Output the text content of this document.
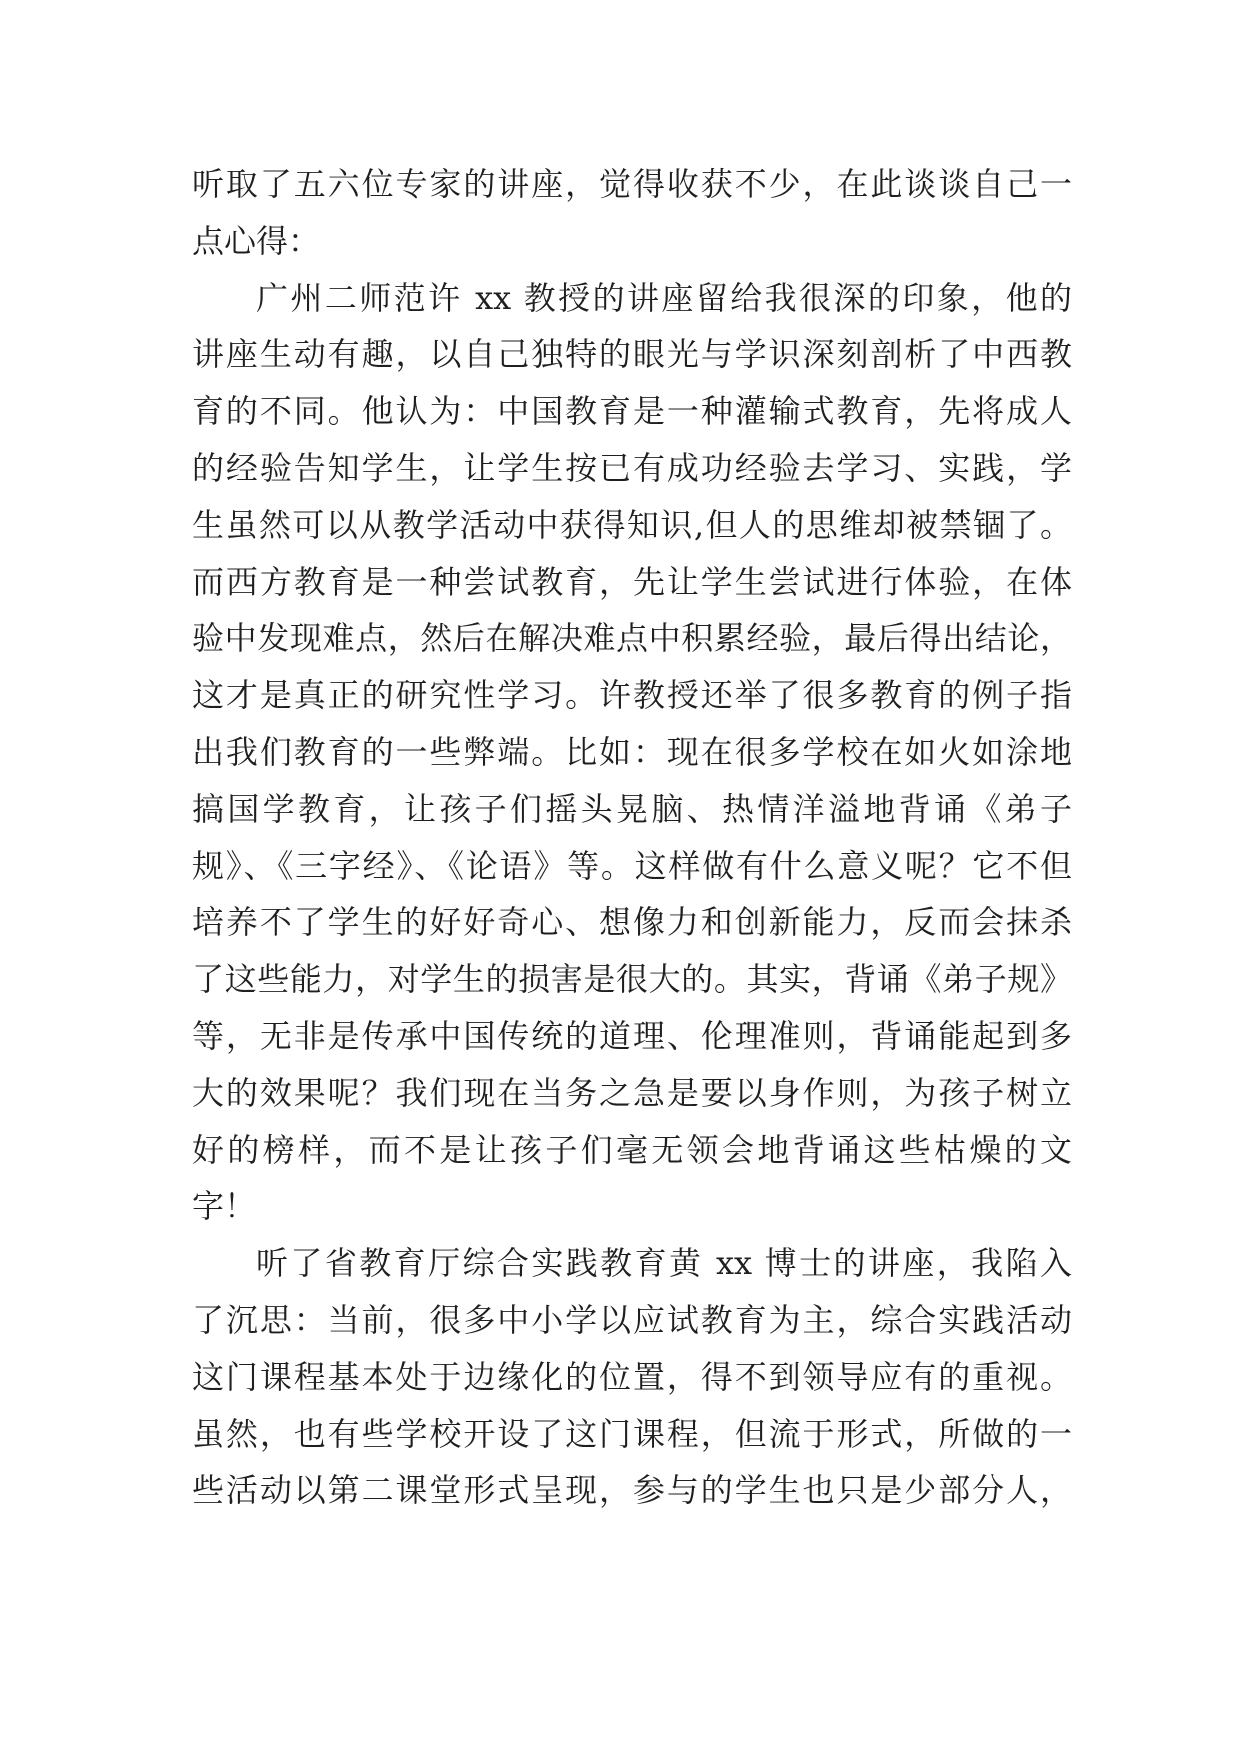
听取了五六位专家的讲座，觉得收获不少，在此谈谈自己一
点心得：
广州二师范许 xx 教授的讲座留给我很深的印象，他的
讲座生动有趣，以自己独特的眼光与学识深刻剖析了中西教
育的不同。他认为：中国教育是一种灌输式教育，先将成人
的经验告知学生，让学生按已有成功经验去学习、实践，学
生虽然可以从教学活动中获得知识,但人的思维却被禁锢了。
而西方教育是一种尝试教育，先让学生尝试进行体验，在体
验中发现难点，然后在解决难点中积累经验，最后得出结论，
这才是真正的研究性学习。许教授还举了很多教育的例子指
出我们教育的一些弊端。比如：现在很多学校在如火如涂地
搞国学教育，让孩子们摇头晃脑、热情洋溢地背诵《弟子
规》、《三字经》、《论语》等。这样做有什么意义呢？它不但
培养不了学生的好好奇心、想像力和创新能力，反而会抹杀
了这些能力，对学生的损害是很大的。其实，背诵《弟子规》
等，无非是传承中国传统的道理、伦理准则，背诵能起到多
大的效果呢？我们现在当务之急是要以身作则，为孩子树立
好的榜样，而不是让孩子们毫无领会地背诵这些枯燥的文
字！
听了省教育厅综合实践教育黄 xx 博士的讲座，我陷入
了沉思：当前，很多中小学以应试教育为主，综合实践活动
这门课程基本处于边缘化的位置，得不到领导应有的重视。
虽然，也有些学校开设了这门课程，但流于形式，所做的一
些活动以第二课堂形式呈现，参与的学生也只是少部分人，
